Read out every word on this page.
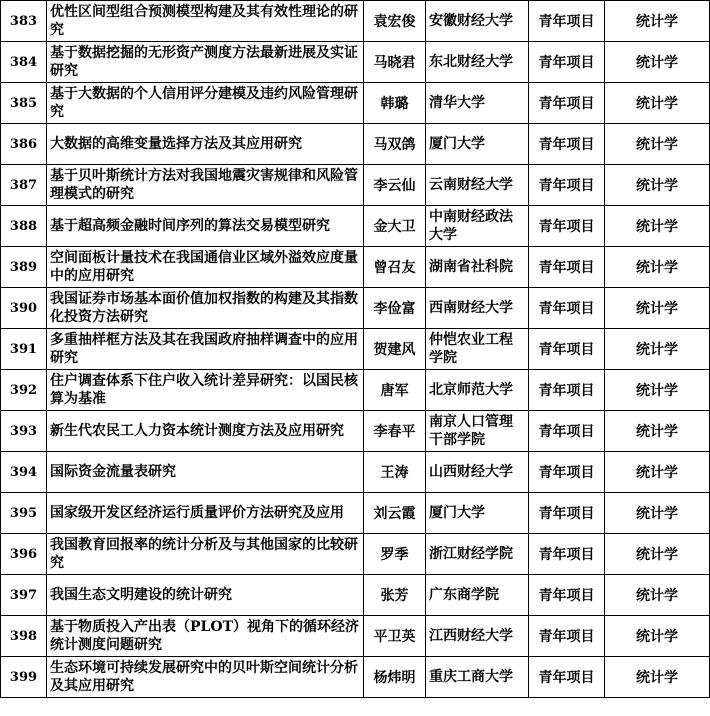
383	优性区间型组合预测模型构建及其有效性理论的研究	袁宏俊	安徽财经大学	青年项目	统计学
384	基于数据挖掘的无形资产测度方法最新进展及实证研究	马晓君	东北财经大学	青年项目	统计学
385	基于大数据的个人信用评分建模及违约风险管理研究	韩璐	清华大学	青年项目	统计学
386	大数据的高维变量选择方法及其应用研究	马双鸽	厦门大学	青年项目	统计学
387	基于贝叶斯统计方法对我国地震灾害规律和风险管理模式的研究	李云仙	云南财经大学	青年项目	统计学
388	基于超高频金融时间序列的算法交易模型研究	金大卫	中南财经政法大学	青年项目	统计学
389	空间面板计量技术在我国通信业区域外溢效应度量中的应用研究	曾召友	湖南省社科院	青年项目	统计学
390	我国证券市场基本面价值加权指数的构建及其指数化投资方法研究	李俭富	西南财经大学	青年项目	统计学
391	多重抽样框方法及其在我国政府抽样调查中的应用研究	贺建风	仲恺农业工程学院	青年项目	统计学
392	住户调查体系下住户收入统计差异研究：以国民核算为基准	唐军	北京师范大学	青年项目	统计学
393	新生代农民工人力资本统计测度方法及应用研究	李春平	南京人口管理干部学院	青年项目	统计学
394	国际资金流量表研究	王涛	山西财经大学	青年项目	统计学
395	国家级开发区经济运行质量评价方法研究及应用	刘云霞	厦门大学	青年项目	统计学
396	我国教育回报率的统计分析及与其他国家的比较研究	罗季	浙江财经学院	青年项目	统计学
397	我国生态文明建设的统计研究	张芳	广东商学院	青年项目	统计学
398	基于物质投入产出表（PLOT）视角下的循环经济统计测度问题研究	平卫英	江西财经大学	青年项目	统计学
399	生态环境可持续发展研究中的贝叶斯空间统计分析及其应用研究	杨炜明	重庆工商大学	青年项目	统计学
